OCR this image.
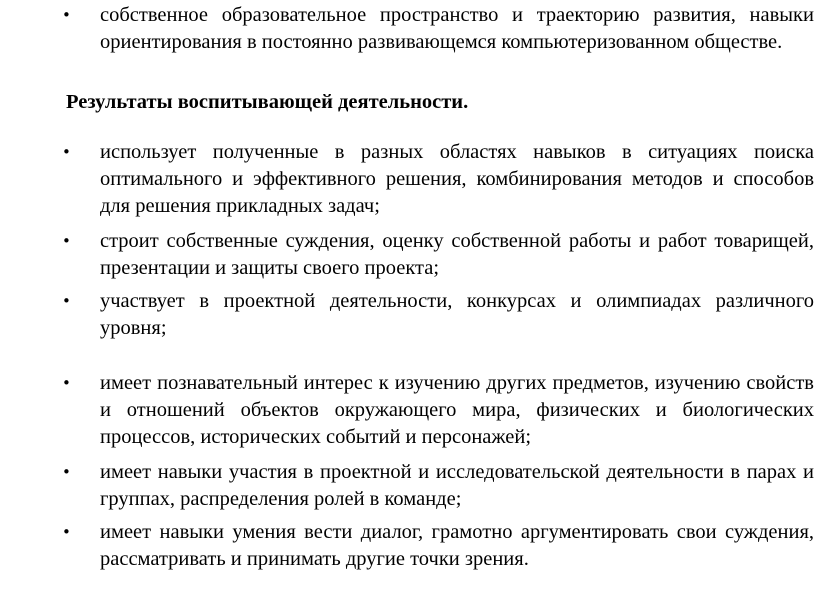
•	собственное образовательное пространство и траекторию развития, навыки ориентирования в постоянно развивающемся компьютеризованном обществе.
Результаты воспитывающей деятельности.
•	использует полученные в разных областях навыков в ситуациях поиска оптимального и эффективного решения, комбинирования методов и способов для решения прикладных задач;
•	строит собственные суждения, оценку собственной работы и работ товарищей, презентации и защиты своего проекта;
•	участвует в проектной деятельности, конкурсах и олимпиадах различного уровня;
•	имеет познавательный интерес к изучению других предметов, изучению свойств и отношений объектов окружающего мира, физических и биологических процессов, исторических событий и персонажей;
•	имеет навыки участия в проектной и исследовательской деятельности в парах и группах, распределения ролей в команде;
•	имеет навыки умения вести диалог, грамотно аргументировать свои суждения, рассматривать и принимать другие точки зрения.
